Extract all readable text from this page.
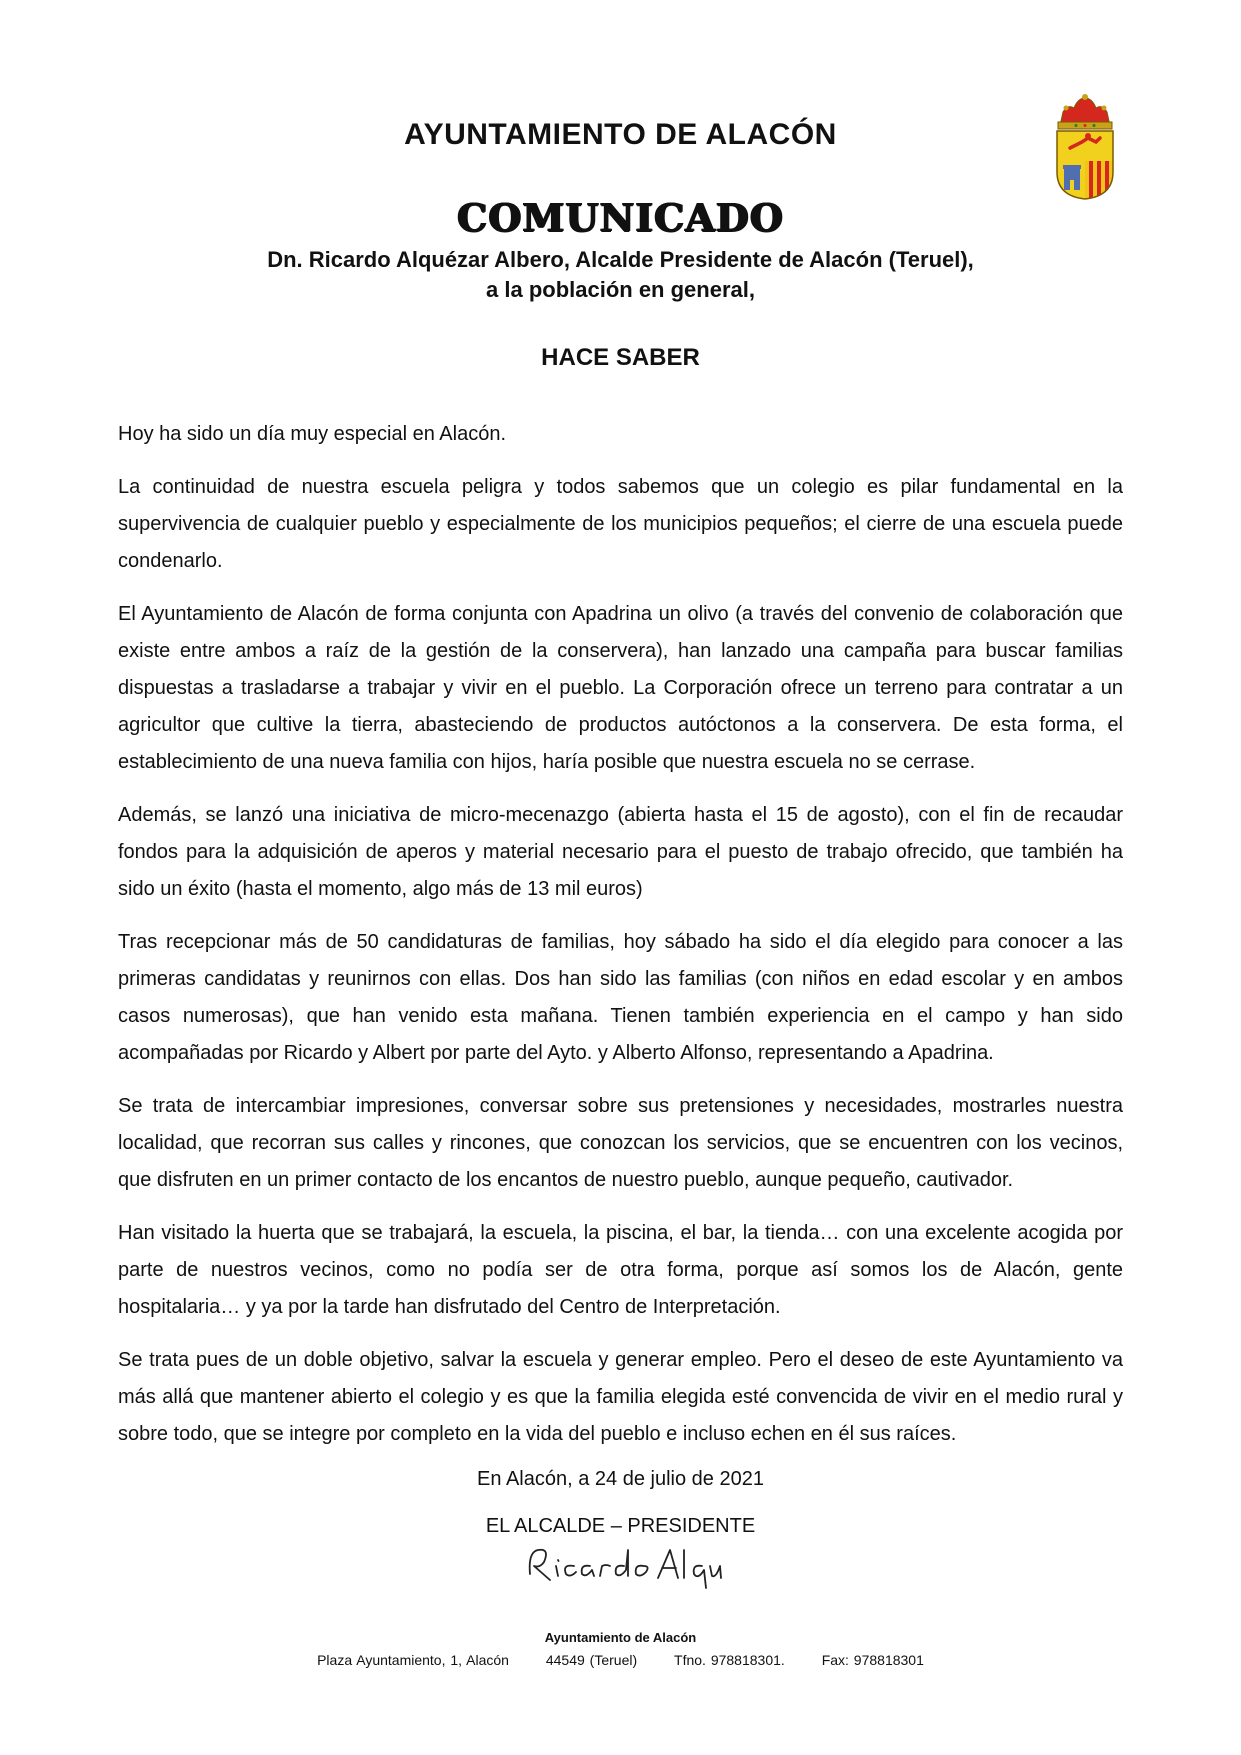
AYUNTAMIENTO DE ALACÓN
COMUNICADO
Dn. Ricardo Alquézar Albero, Alcalde Presidente de Alacón (Teruel),
a la población en general,
HACE SABER

Hoy ha sido un día muy especial en Alacón.

La continuidad de nuestra escuela peligra y todos sabemos que un colegio es pilar fundamental en la supervivencia de cualquier pueblo y especialmente de los municipios pequeños; el cierre de una escuela puede condenarlo.

El Ayuntamiento de Alacón de forma conjunta con Apadrina un olivo (a través del convenio de colaboración que existe entre ambos a raíz de la gestión de la conservera), han lanzado una campaña para buscar familias dispuestas a trasladarse a trabajar y vivir en el pueblo. La Corporación ofrece un terreno para contratar a un agricultor que cultive la tierra, abasteciendo de productos autóctonos a la conservera. De esta forma, el establecimiento de una nueva familia con hijos, haría posible que nuestra escuela no se cerrase.

Además, se lanzó una iniciativa de micro-mecenazgo (abierta hasta el 15 de agosto), con el fin de recaudar fondos para la adquisición de aperos y material necesario para el puesto de trabajo ofrecido, que también ha sido un éxito (hasta el momento, algo más de 13 mil euros)

Tras recepcionar más de 50 candidaturas de familias, hoy sábado ha sido el día elegido para conocer a las primeras candidatas y reunirnos con ellas. Dos han sido las familias (con niños en edad escolar y en ambos casos numerosas), que han venido esta mañana. Tienen también experiencia en el campo y han sido acompañadas por Ricardo y Albert por parte del Ayto. y Alberto Alfonso, representando a Apadrina.

Se trata de intercambiar impresiones, conversar sobre sus pretensiones y necesidades, mostrarles nuestra localidad, que recorran sus calles y rincones, que conozcan los servicios, que se encuentren con los vecinos, que disfruten en un primer contacto de los encantos de nuestro pueblo, aunque pequeño, cautivador.

Han visitado la huerta que se trabajará, la escuela, la piscina, el bar, la tienda… con una excelente acogida por parte de nuestros vecinos, como no podía ser de otra forma, porque así somos los de Alacón, gente hospitalaria… y ya por la tarde han disfrutado del Centro de Interpretación.

Se trata pues de un doble objetivo, salvar la escuela y generar empleo. Pero el deseo de este Ayuntamiento va más allá que mantener abierto el colegio y es que la familia elegida esté convencida de vivir en el medio rural y sobre todo, que se integre por completo en la vida del pueblo e incluso echen en él sus raíces.

En Alacón, a 24 de julio de 2021
EL ALCALDE – PRESIDENTE
Ayuntamiento de Alacón
Plaza Ayuntamiento, 1, Alacón	44549 (Teruel)	Tfno. 978818301.	Fax: 978818301
